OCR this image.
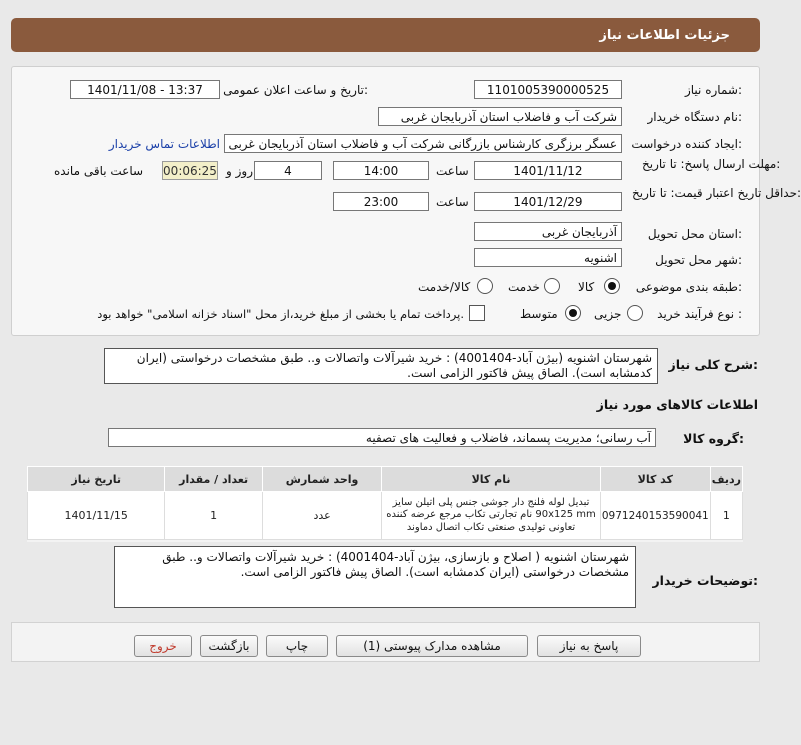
جزئیات اطلاعات نیاز
شماره نیاز:
1101005390000525
تاریخ و ساعت اعلان عمومی:
1401/11/08 - 13:37
نام دستگاه خریدار:
شرکت آب و فاضلاب استان آذربایجان غربی
ایجاد کننده درخواست:
عسگر برزگری کارشناس بازرگانی شرکت آب و فاضلاب استان آذربایجان غربی
اطلاعات تماس خریدار
مهلت ارسال پاسخ: تا تاریخ:
1401/11/12
ساعت
14:00
4
روز و
00:06:25
ساعت باقی مانده
حداقل تاریخ اعتبار قیمت: تا تاریخ:
1401/12/29
ساعت
23:00
استان محل تحویل:
آذربایجان غربی
شهر محل تحویل:
اشنویه
طبقه بندی موضوعی:
کالا
خدمت
کالا/خدمت
نوع فرآیند خرید :
جزیی
متوسط
پرداخت تمام یا بخشی از مبلغ خرید،از محل "اسناد خزانه اسلامی" خواهد بود.
شرح کلی نیاز:
شهرستان اشنویه (بیژن آباد-4001404) : خرید شیرآلات واتصالات و.. طبق مشخصات درخواستی (ایران کدمشابه است). الصاق پیش فاکتور الزامی است.
اطلاعات کالاهای مورد نیاز
گروه کالا:
آب رسانی؛ مدیریت پسماند، فاضلاب و فعالیت های تصفیه
ردیف	کد کالا	نام کالا	واحد شمارش	تعداد / مقدار	تاریخ نیاز
1	0971240153590041	تبدیل لوله فلنج دار جوشی جنس پلی اتیلن سایز 90x125 mm نام تجارتی تکاب مرجع عرضه کننده تعاونی تولیدی صنعتی تکاب اتصال دماوند	عدد	1	1401/11/15
توضیحات خریدار:
شهرستان اشنویه ( اصلاح و بازسازی، بیژن آباد-4001404) : خرید شیرآلات واتصالات و.. طبق مشخصات درخواستی (ایران کدمشابه است). الصاق پیش فاکتور الزامی است.
پاسخ به نیاز
مشاهده مدارک پیوستی (1)
چاپ
بازگشت
خروج
